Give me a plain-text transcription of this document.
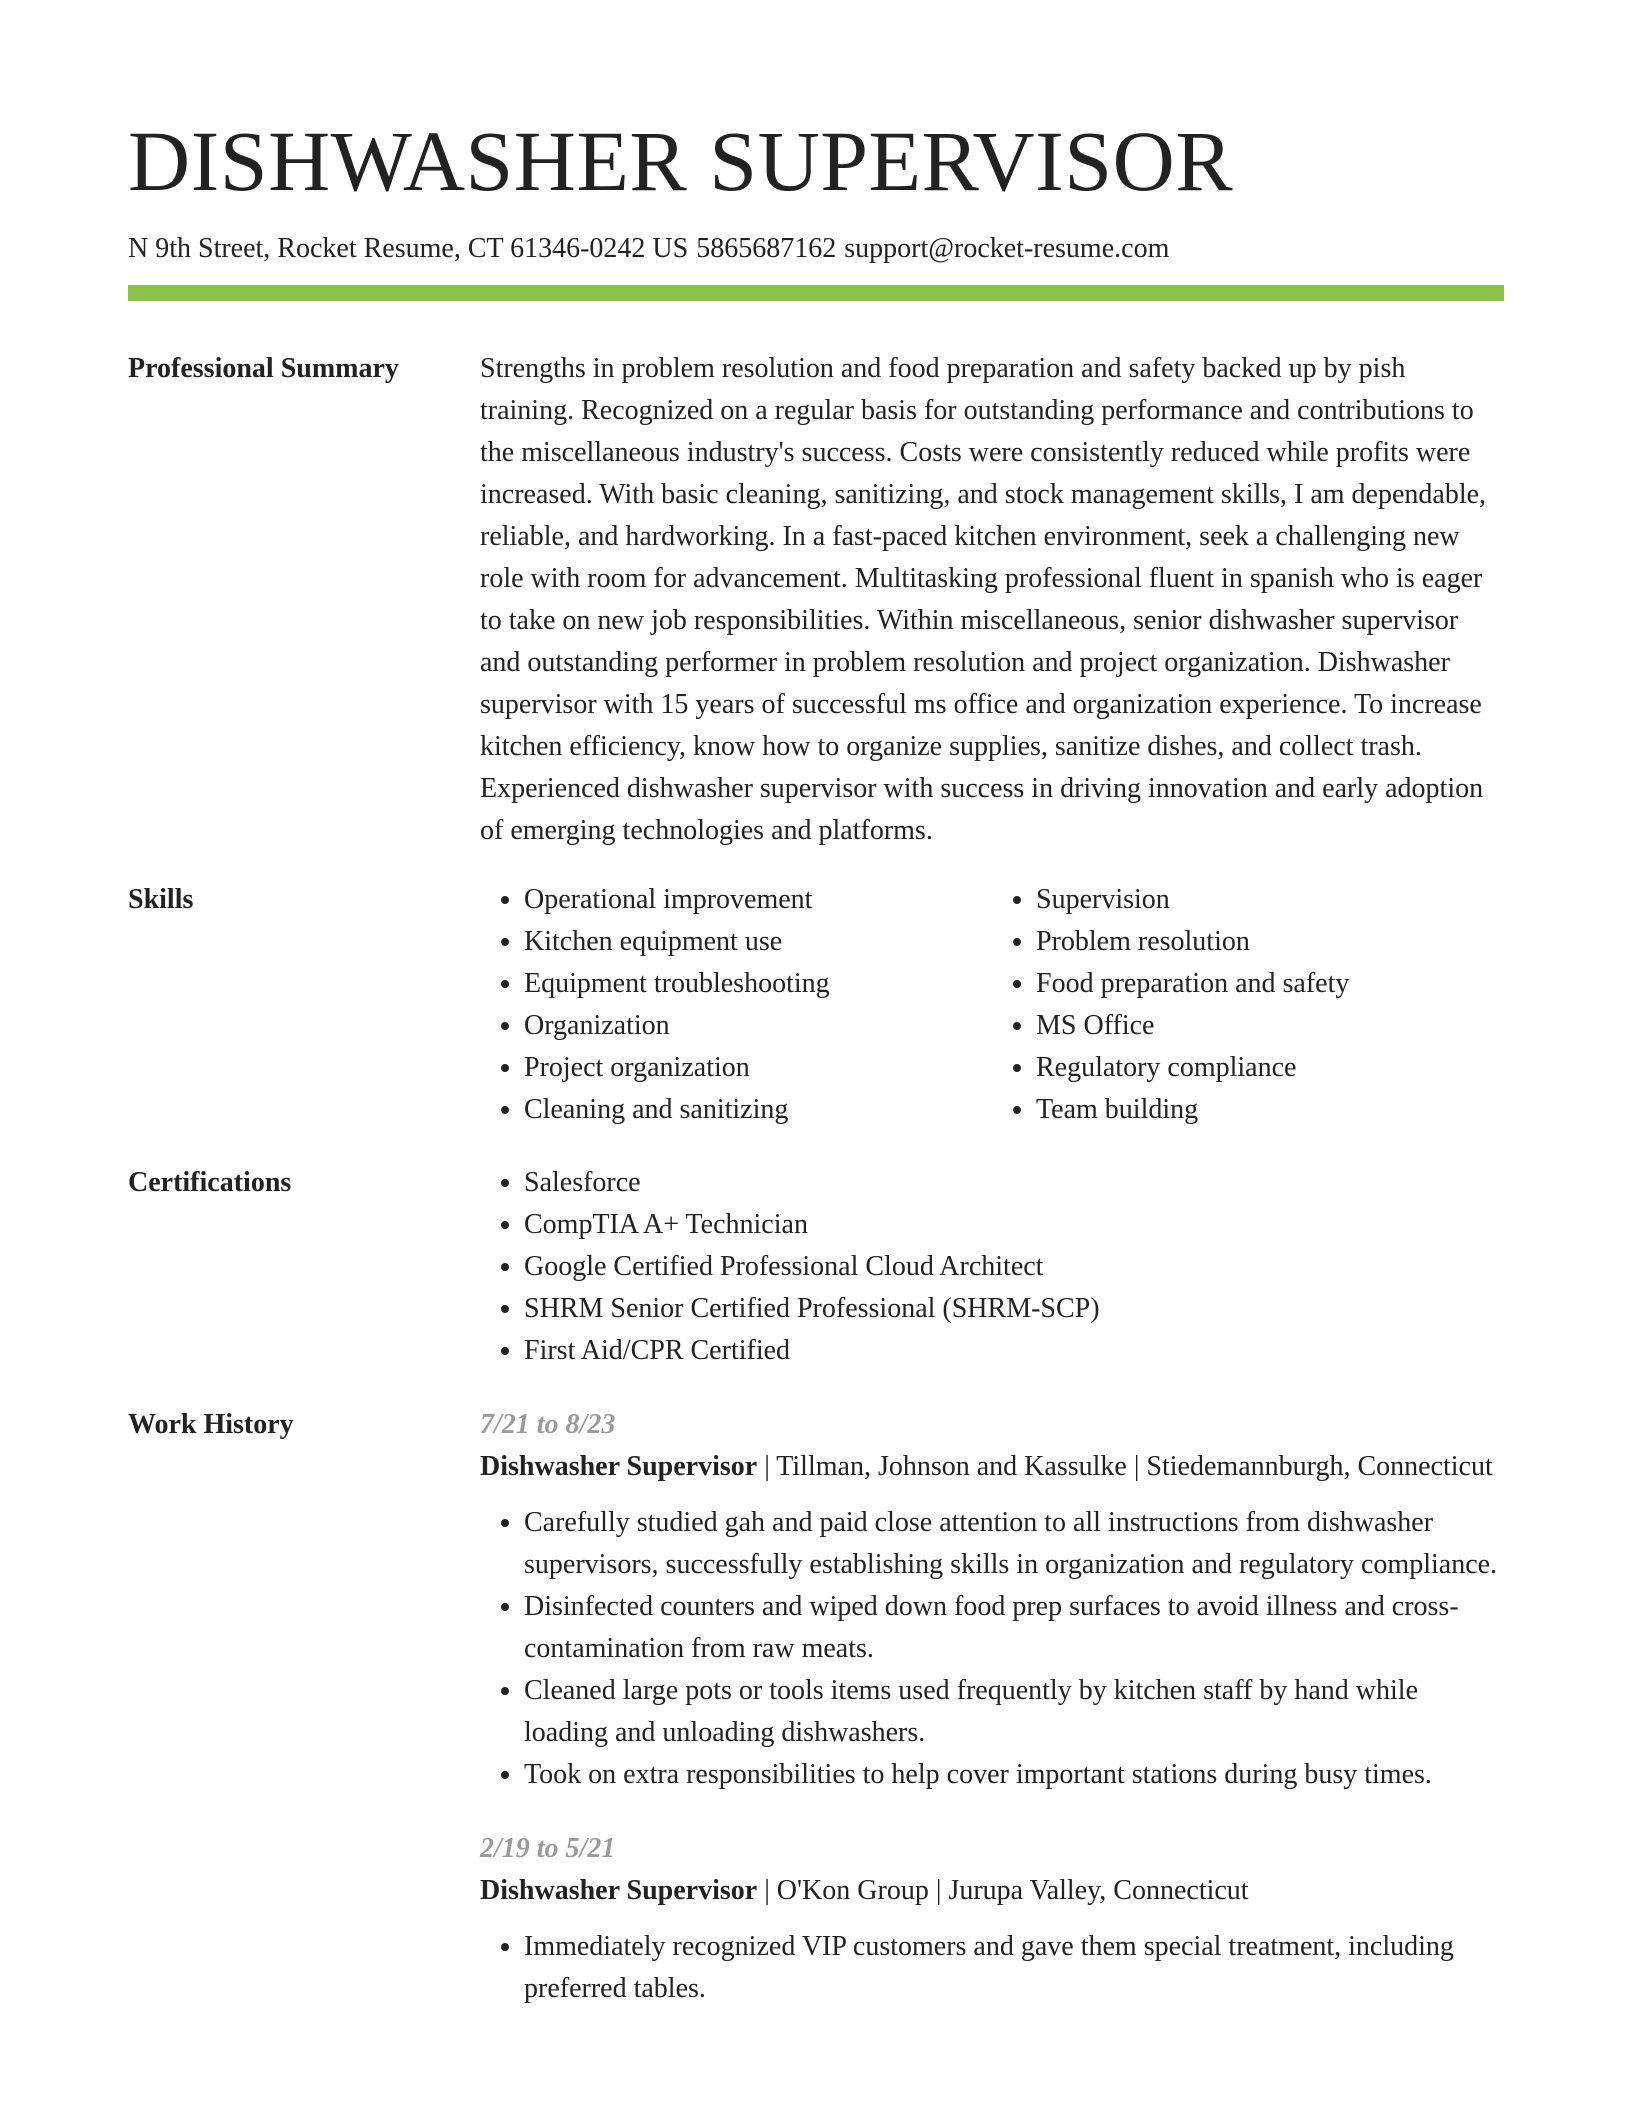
DISHWASHER SUPERVISOR
N 9th Street, Rocket Resume, CT 61346-0242 US 5865687162 support@rocket-resume.com
Professional Summary	Strengths in problem resolution and food preparation and safety backed up by pish training. Recognized on a regular basis for outstanding performance and contributions to the miscellaneous industry's success. Costs were consistently reduced while profits were increased. With basic cleaning, sanitizing, and stock management skills, I am dependable, reliable, and hardworking. In a fast-paced kitchen environment, seek a challenging new role with room for advancement. Multitasking professional fluent in spanish who is eager to take on new job responsibilities. Within miscellaneous, senior dishwasher supervisor and outstanding performer in problem resolution and project organization. Dishwasher supervisor with 15 years of successful ms office and organization experience. To increase kitchen efficiency, know how to organize supplies, sanitize dishes, and collect trash. Experienced dishwasher supervisor with success in driving innovation and early adoption of emerging technologies and platforms.

Skills	• Operational improvement
• Kitchen equipment use
• Equipment troubleshooting
• Organization
• Project organization
• Cleaning and sanitizing
• Supervision
• Problem resolution
• Food preparation and safety
• MS Office
• Regulatory compliance
• Team building
Certifications	• Salesforce
• CompTIA A+ Technician
• Google Certified Professional Cloud Architect
• SHRM Senior Certified Professional (SHRM-SCP)
• First Aid/CPR Certified
Work History	7/21 to 8/23

Dishwasher Supervisor | Tillman, Johnson and Kassulke | Stiedemannburgh, Connecticut

• Carefully studied gah and paid close attention to all instructions from dishwasher supervisors, successfully establishing skills in organization and regulatory compliance.
• Disinfected counters and wiped down food prep surfaces to avoid illness and cross-contamination from raw meats.
• Cleaned large pots or tools items used frequently by kitchen staff by hand while loading and unloading dishwashers.
• Took on extra responsibilities to help cover important stations during busy times.
2/19 to 5/21

Dishwasher Supervisor | O'Kon Group | Jurupa Valley, Connecticut

• Immediately recognized VIP customers and gave them special treatment, including preferred tables.
